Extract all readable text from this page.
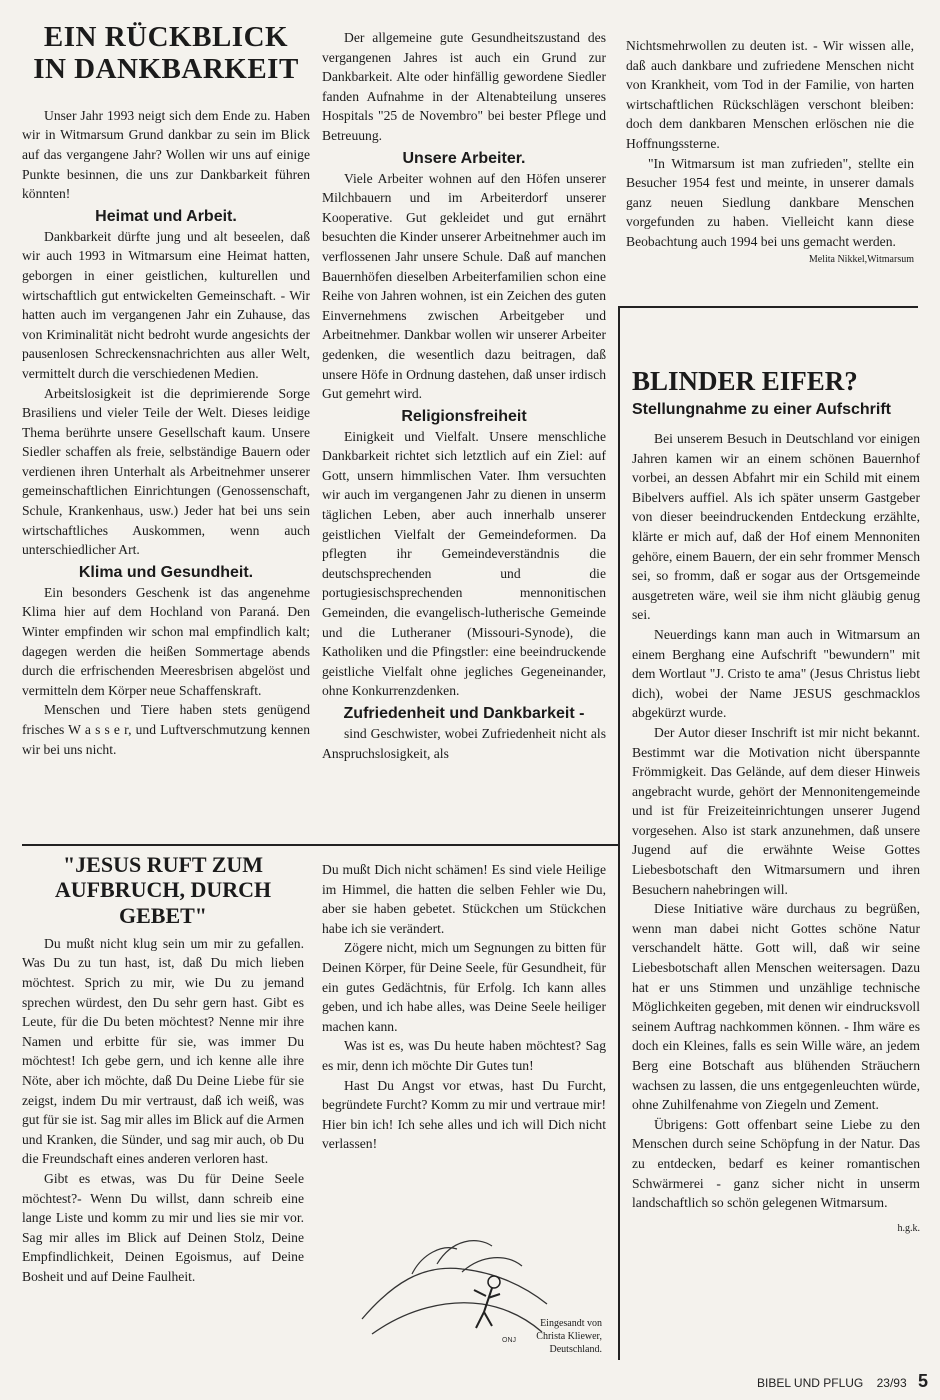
EIN RÜCKBLICK IN DANKBARKEIT

Unser Jahr 1993 neigt sich dem Ende zu. Haben wir in Witmarsum Grund dankbar zu sein im Blick auf das vergangene Jahr? Wollen wir uns auf einige Punkte besinnen, die uns zur Dankbarkeit führen könnten!

Heimat und Arbeit.

Dankbarkeit dürfte jung und alt beseelen, daß wir auch 1993 in Witmarsum eine Heimat hatten, geborgen in einer geistlichen, kulturellen und wirtschaftlich gut entwickelten Gemeinschaft. - Wir hatten auch im vergangenen Jahr ein Zuhause, das von Kriminalität nicht bedroht wurde angesichts der pausenlosen Schreckensnachrichten aus aller Welt, vermittelt durch die verschiedenen Medien.

Arbeitslosigkeit ist die deprimierende Sorge Brasiliens und vieler Teile der Welt. Dieses leidige Thema berührte unsere Gesellschaft kaum. Unsere Siedler schaffen als freie, selbständige Bauern oder verdienen ihren Unterhalt als Arbeitnehmer unserer gemeinschaftlichen Einrichtungen (Genossenschaft, Schule, Krankenhaus, usw.) Jeder hat bei uns sein wirtschaftliches Auskommen, wenn auch unterschiedlicher Art.

Klima und Gesundheit.

Ein besonders Geschenk ist das angenehme Klima hier auf dem Hochland von Paraná. Den Winter empfinden wir schon mal empfindlich kalt; dagegen werden die heißen Sommertage abends durch die erfrischenden Meeresbrisen abgelöst und vermitteln dem Körper neue Schaffenskraft.

Menschen und Tiere haben stets genügend frisches W a s s e r, und Luftverschmutzung kennen wir bei uns nicht.

Der allgemeine gute Gesundheitszustand des vergangenen Jahres ist auch ein Grund zur Dankbarkeit. Alte oder hinfällig gewordene Siedler fanden Aufnahme in der Altenabteilung unseres Hospitals "25 de Novembro" bei bester Pflege und Betreuung.

Unsere Arbeiter.

Viele Arbeiter wohnen auf den Höfen unserer Milchbauern und im Arbeiterdorf unserer Kooperative. Gut gekleidet und gut ernährt besuchten die Kinder unserer Arbeitnehmer auch im verflossenen Jahr unsere Schule. Daß auf manchen Bauernhöfen dieselben Arbeiterfamilien schon eine Reihe von Jahren wohnen, ist ein Zeichen des guten Einvernehmens zwischen Arbeitgeber und Arbeitnehmer. Dankbar wollen wir unserer Arbeiter gedenken, die wesentlich dazu beitragen, daß unsere Höfe in Ordnung dastehen, daß unser irdisch Gut gemehrt wird.

Religionsfreiheit

Einigkeit und Vielfalt. Unsere menschliche Dankbarkeit richtet sich letztlich auf ein Ziel: auf Gott, unsern himmlischen Vater. Ihm versuchten wir auch im vergangenen Jahr zu dienen in unserm täglichen Leben, aber auch innerhalb unserer geistlichen Vielfalt der Gemeindeformen. Da pflegten ihr Gemeindeverständnis die deutschsprechenden und die portugiesischsprechenden mennonitischen Gemeinden, die evangelisch-lutherische Gemeinde und die Lutheraner (Missouri-Synode), die Katholiken und die Pfingstler: eine beeindruckende geistliche Vielfalt ohne jegliches Gegeneinander, ohne Konkurrenzdenken.

Zufriedenheit und Dankbarkeit -

sind Geschwister, wobei Zufriedenheit nicht als Anspruchslosigkeit, als

Nichtsmehrwollen zu deuten ist. - Wir wissen alle, daß auch dankbare und zufriedene Menschen nicht von Krankheit, vom Tod in der Familie, von harten wirtschaftlichen Rückschlägen verschont bleiben: doch dem dankbaren Menschen erlöschen nie die Hoffnungssterne.

"In Witmarsum ist man zufrieden", stellte ein Besucher 1954 fest und meinte, in unserer damals ganz neuen Siedlung dankbare Menschen vorgefunden zu haben. Vielleicht kann diese Beobachtung auch 1994 bei uns gemacht werden.

Melita Nikkel,Witmarsum
"JESUS RUFT ZUM AUFBRUCH, DURCH GEBET"

Du mußt nicht klug sein um mir zu gefallen. Was Du zu tun hast, ist, daß Du mich lieben möchtest. Sprich zu mir, wie Du zu jemand sprechen würdest, den Du sehr gern hast. Gibt es Leute, für die Du beten möchtest? Nenne mir ihre Namen und erbitte für sie, was immer Du möchtest! Ich gebe gern, und ich kenne alle ihre Nöte, aber ich möchte, daß Du Deine Liebe für sie zeigst, indem Du mir vertraust, daß ich weiß, was gut für sie ist. Sag mir alles im Blick auf die Armen und Kranken, die Sünder, und sag mir auch, ob Du die Freundschaft eines anderen verloren hast.

Gibt es etwas, was Du für Deine Seele möchtest?- Wenn Du willst, dann schreib eine lange Liste und komm zu mir und lies sie mir vor. Sag mir alles im Blick auf Deinen Stolz, Deine Empfindlichkeit, Deinen Egoismus, auf Deine Bosheit und auf Deine Faulheit.

Du mußt Dich nicht schämen! Es sind viele Heilige im Himmel, die hatten die selben Fehler wie Du, aber sie haben gebetet. Stückchen um Stückchen habe ich sie verändert.

Zögere nicht, mich um Segnungen zu bitten für Deinen Körper, für Deine Seele, für Gesundheit, für ein gutes Gedächtnis, für Erfolg. Ich kann alles geben, und ich habe alles, was Deine Seele heiliger machen kann.

Was ist es, was Du heute haben möchtest? Sag es mir, denn ich möchte Dir Gutes tun!

Hast Du Angst vor etwas, hast Du Furcht, begründete Furcht? Komm zu mir und vertraue mir! Hier bin ich! Ich sehe alles und ich will Dich nicht verlassen!

ONJ
Eingesandt von
Christa Kliewer,
Deutschland.
BLINDER EIFER?
Stellungnahme zu einer Aufschrift

Bei unserem Besuch in Deutschland vor einigen Jahren kamen wir an einem schönen Bauernhof vorbei, an dessen Abfahrt mir ein Schild mit einem Bibelvers auffiel. Als ich später unserm Gastgeber von dieser beeindruckenden Entdeckung erzählte, klärte er mich auf, daß der Hof einem Mennoniten gehöre, einem Bauern, der ein sehr frommer Mensch sei, so fromm, daß er sogar aus der Ortsgemeinde ausgetreten wäre, weil sie ihm nicht gläubig genug sei.

Neuerdings kann man auch in Witmarsum an einem Berghang eine Aufschrift "bewundern" mit dem Wortlaut "J. Cristo te ama" (Jesus Christus liebt dich), wobei der Name JESUS geschmacklos abgekürzt wurde.

Der Autor dieser Inschrift ist mir nicht bekannt. Bestimmt war die Motivation nicht überspannte Frömmigkeit. Das Gelände, auf dem dieser Hinweis angebracht wurde, gehört der Mennonitengemeinde und ist für Freizeiteinrichtungen unserer Jugend vorgesehen. Also ist stark anzunehmen, daß unsere Jugend auf die erwähnte Weise Gottes Liebesbotschaft den Witmarsumern und ihren Besuchern nahebringen will.

Diese Initiative wäre durchaus zu begrüßen, wenn man dabei nicht Gottes schöne Natur verschandelt hätte. Gott will, daß wir seine Liebesbotschaft allen Menschen weitersagen. Dazu hat er uns Stimmen und unzählige technische Möglichkeiten gegeben, mit denen wir eindrucksvoll seinem Auftrag nachkommen können. - Ihm wäre es doch ein Kleines, falls es sein Wille wäre, an jedem Berg eine Botschaft aus blühenden Sträuchern wachsen zu lassen, die uns entgegenleuchten würde, ohne Zuhilfenahme von Ziegeln und Zement.

Übrigens: Gott offenbart seine Liebe zu den Menschen durch seine Schöpfung in der Natur. Das zu entdecken, bedarf es keiner romantischen Schwärmerei - ganz sicher nicht in unserm landschaftlich so schön gelegenen Witmarsum.

h.g.k.
BIBEL UND PFLUG 23/93 5
